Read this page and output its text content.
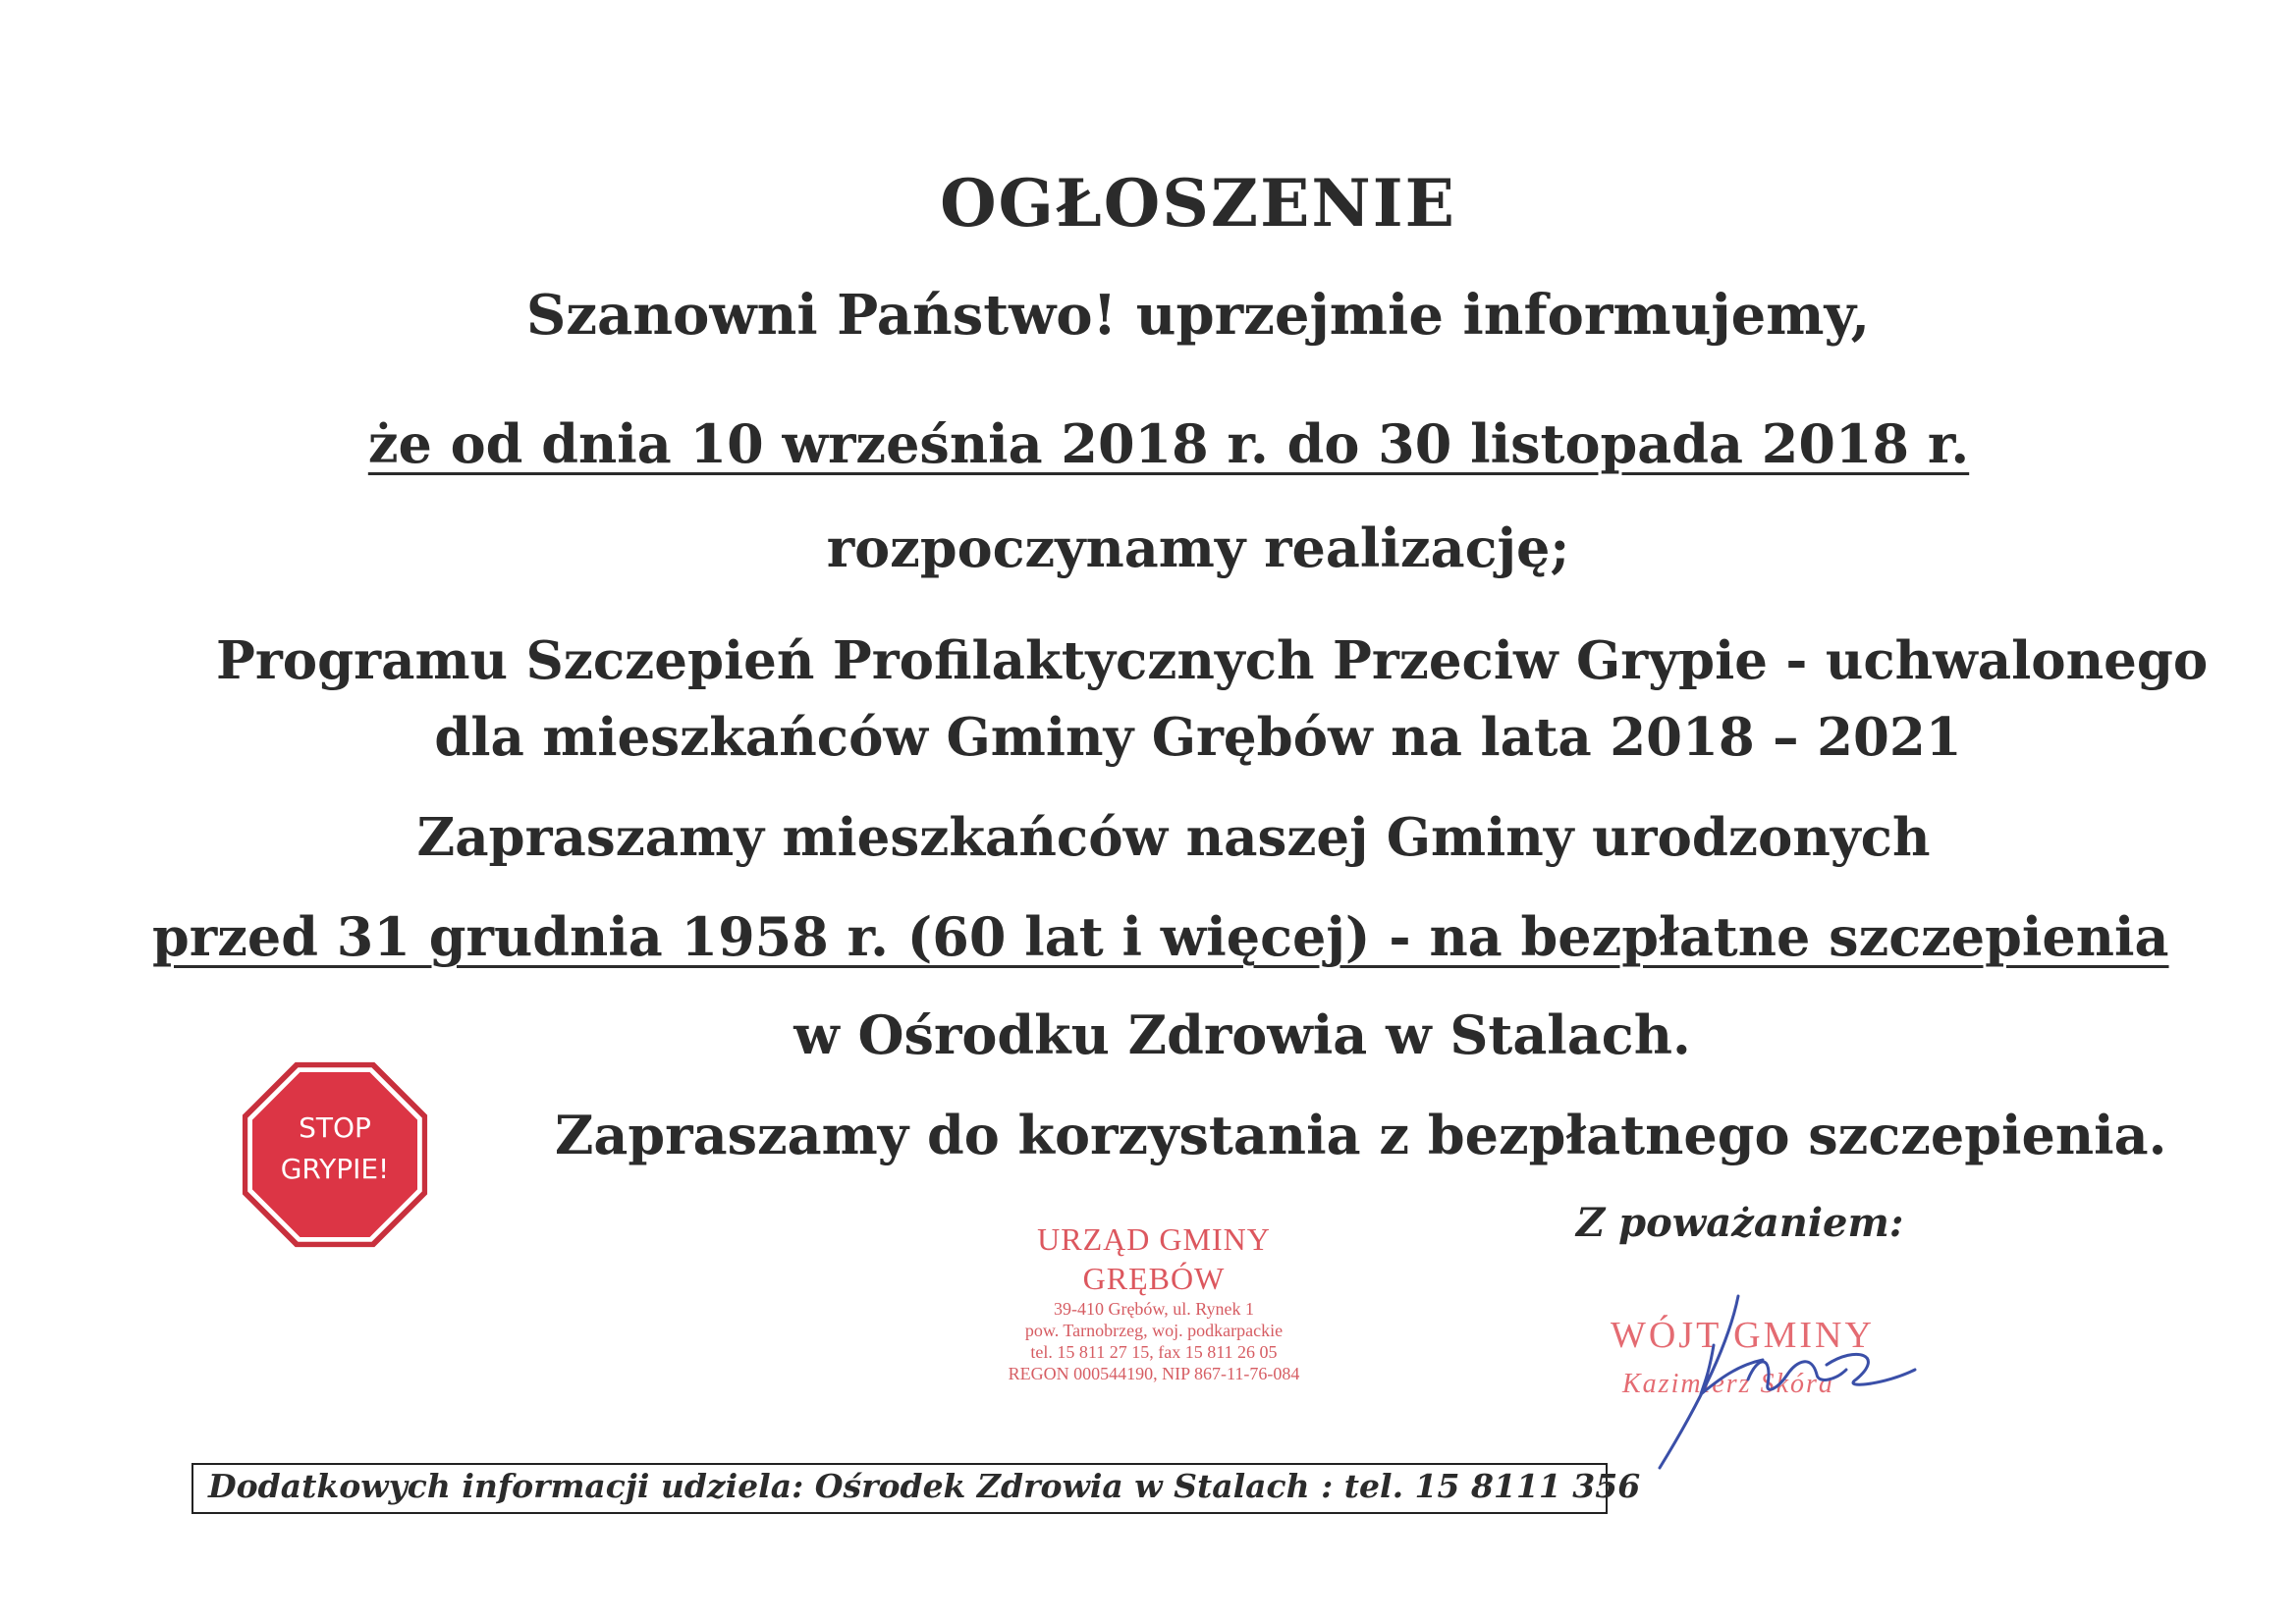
OGŁOSZENIE
Szanowni Państwo! uprzejmie informujemy,
że od dnia 10 września 2018 r. do 30 listopada 2018 r.
rozpoczynamy realizację;
Programu Szczepień Profilaktycznych Przeciw Grypie - uchwalonego
dla mieszkańców Gminy Grębów na lata 2018 – 2021
Zapraszamy mieszkańców naszej Gminy urodzonych
przed 31 grudnia 1958 r. (60 lat i więcej) - na bezpłatne szczepienia
w Ośrodku Zdrowia w Stalach.
Zapraszamy do korzystania z bezpłatnego szczepienia.
STOP
GRYPIE!
Z poważaniem:
URZĄD GMINY GRĘBÓW
39-410 Grębów, ul. Rynek 1
pow. Tarnobrzeg, woj. podkarpackie
tel. 15 811 27 15, fax 15 811 26 05
REGON 000544190, NIP 867-11-76-084
WÓJT GMINY
Kazimierz Skóra
Dodatkowych informacji udziela: Ośrodek Zdrowia w Stalach : tel. 15 8111 356
